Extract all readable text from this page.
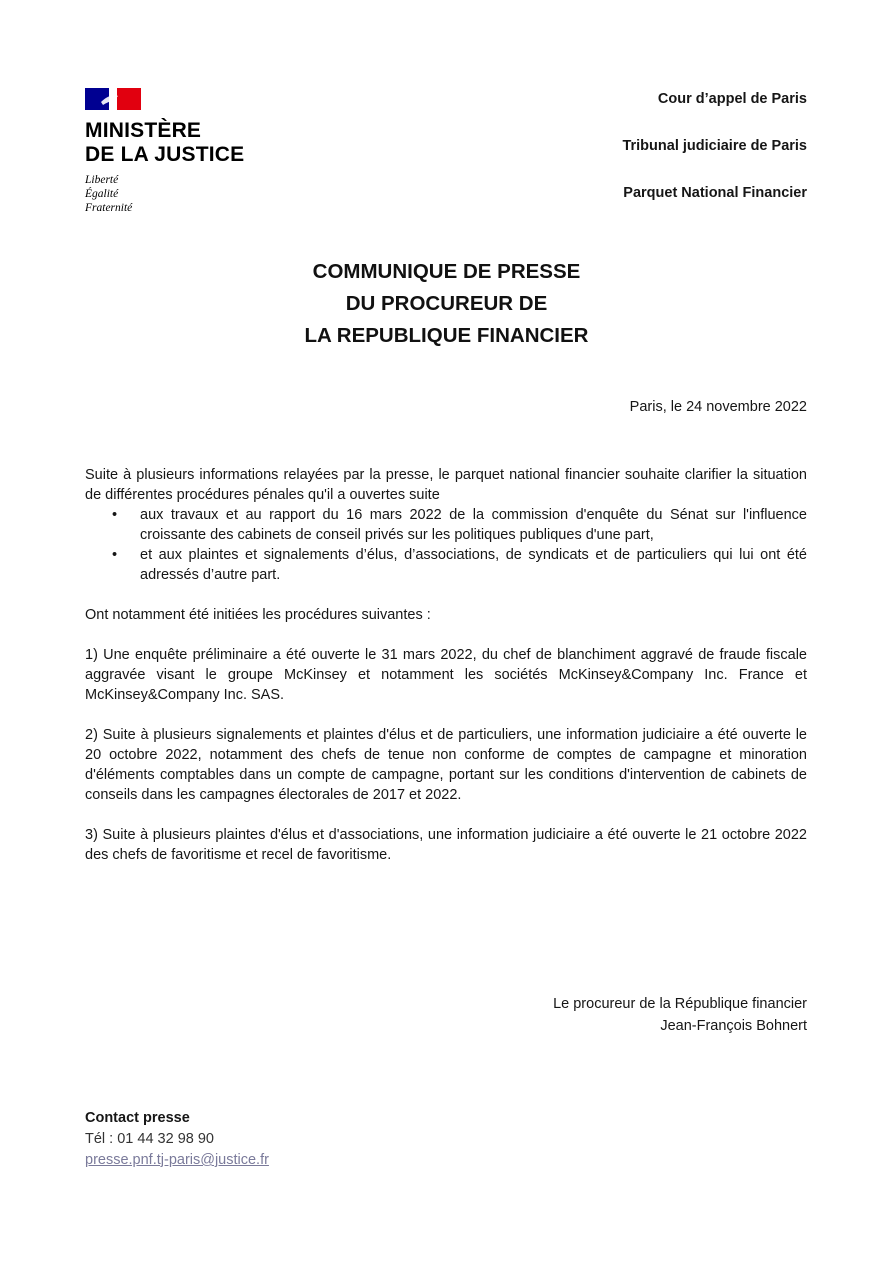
MINISTÈRE
DE LA JUSTICE
Liberté
Égalité
Fraternité
Cour d’appel de Paris
Tribunal judiciaire de Paris
Parquet National Financier
COMMUNIQUE DE PRESSE
DU PROCUREUR DE
LA REPUBLIQUE FINANCIER
Paris, le 24 novembre 2022

Suite à plusieurs informations relayées par la presse, le parquet national financier souhaite clarifier la situation de différentes procédures pénales qu'il a ouvertes suite

• aux travaux et au rapport du 16 mars 2022 de la commission d'enquête du Sénat sur l'influence croissante des cabinets de conseil privés sur les politiques publiques d'une part,
• et aux plaintes et signalements d’élus, d’associations, de syndicats et de particuliers qui lui ont été adressés d’autre part.

Ont notamment été initiées les procédures suivantes :

1) Une enquête préliminaire a été ouverte le 31 mars 2022, du chef de blanchiment aggravé de fraude fiscale aggravée visant le groupe McKinsey et notamment les sociétés McKinsey&Company Inc. France et McKinsey&Company Inc. SAS.

2) Suite à plusieurs signalements et plaintes d'élus et de particuliers, une information judiciaire a été ouverte le 20 octobre 2022, notamment des chefs de tenue non conforme de comptes de campagne et minoration d'éléments comptables dans un compte de campagne, portant sur les conditions d'intervention de cabinets de conseils dans les campagnes électorales de 2017 et 2022.

3) Suite à plusieurs plaintes d'élus et d'associations, une information judiciaire a été ouverte le 21 octobre 2022 des chefs de favoritisme et recel de favoritisme.

Le procureur de la République financier
Jean-François Bohnert
Contact presse
Tél : 01 44 32 98 90
presse.pnf.tj-paris@justice.fr
